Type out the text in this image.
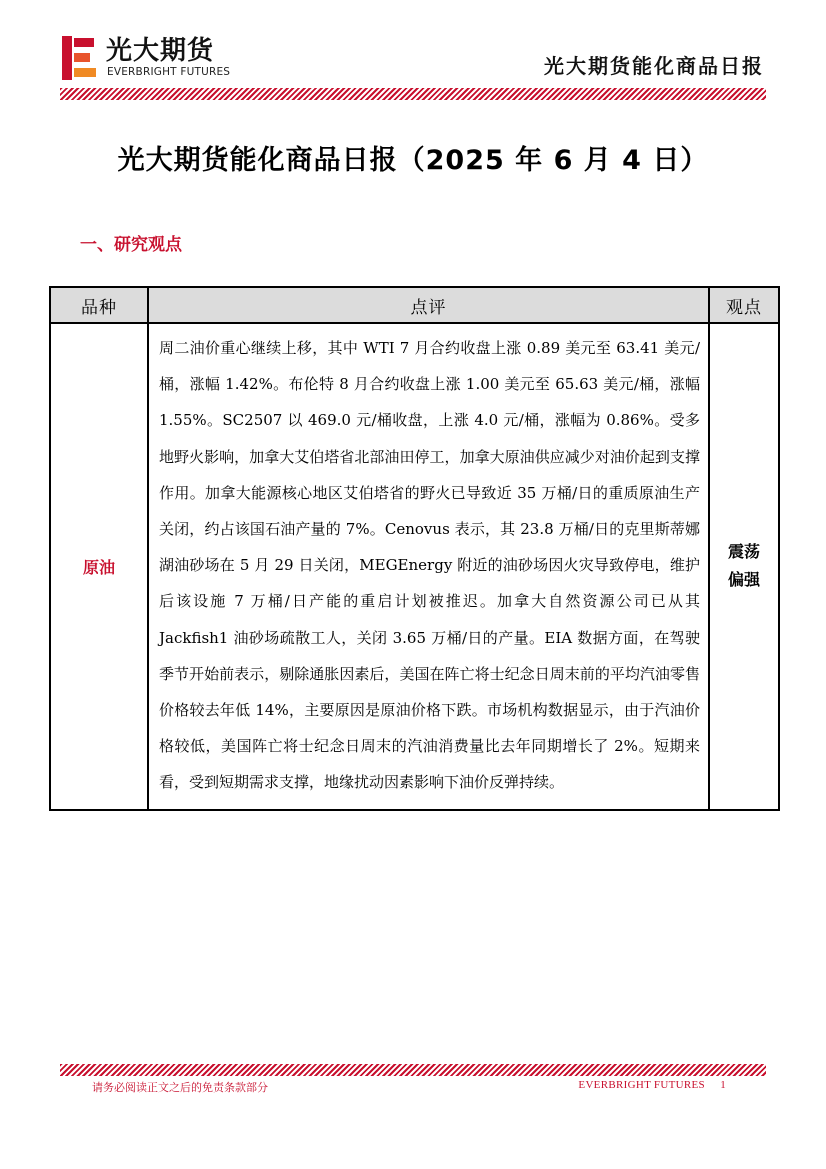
光大期货
EVERBRIGHT FUTURES	光大期货能化商品日报
光大期货能化商品日报（2025 年 6 月 4 日）
一、研究观点
品种	点评	观点
原油	周二油价重心继续上移，其中 WTI 7 月合约收盘上涨 0.89 美元至 63.41 美元/桶，涨幅 1.42%。布伦特 8 月合约收盘上涨 1.00 美元至 65.63 美元/桶，涨幅 1.55%。SC2507 以 469.0 元/桶收盘，上涨 4.0 元/桶，涨幅为 0.86%。受多地野火影响，加拿大艾伯塔省北部油田停工，加拿大原油供应减少对油价起到支撑作用。加拿大能源核心地区艾伯塔省的野火已导致近 35 万桶/日的重质原油生产关闭，约占该国石油产量的 7%。Cenovus 表示，其 23.8 万桶/日的克里斯蒂娜湖油砂场在 5 月 29 日关闭，MEGEnergy 附近的油砂场因火灾导致停电，维护后该设施 7 万桶/日产能的重启计划被推迟。加拿大自然资源公司已从其 Jackfish1 油砂场疏散工人，关闭 3.65 万桶/日的产量。EIA 数据方面，在驾驶季节开始前表示，剔除通胀因素后，美国在阵亡将士纪念日周末前的平均汽油零售价格较去年低 14%，主要原因是原油价格下跌。市场机构数据显示，由于汽油价格较低，美国阵亡将士纪念日周末的汽油消费量比去年同期增长了 2%。短期来看，受到短期需求支撑，地缘扰动因素影响下油价反弹持续。	震荡
偏强
请务必阅读正文之后的免责条款部分	EVERBRIGHT FUTURES 1
